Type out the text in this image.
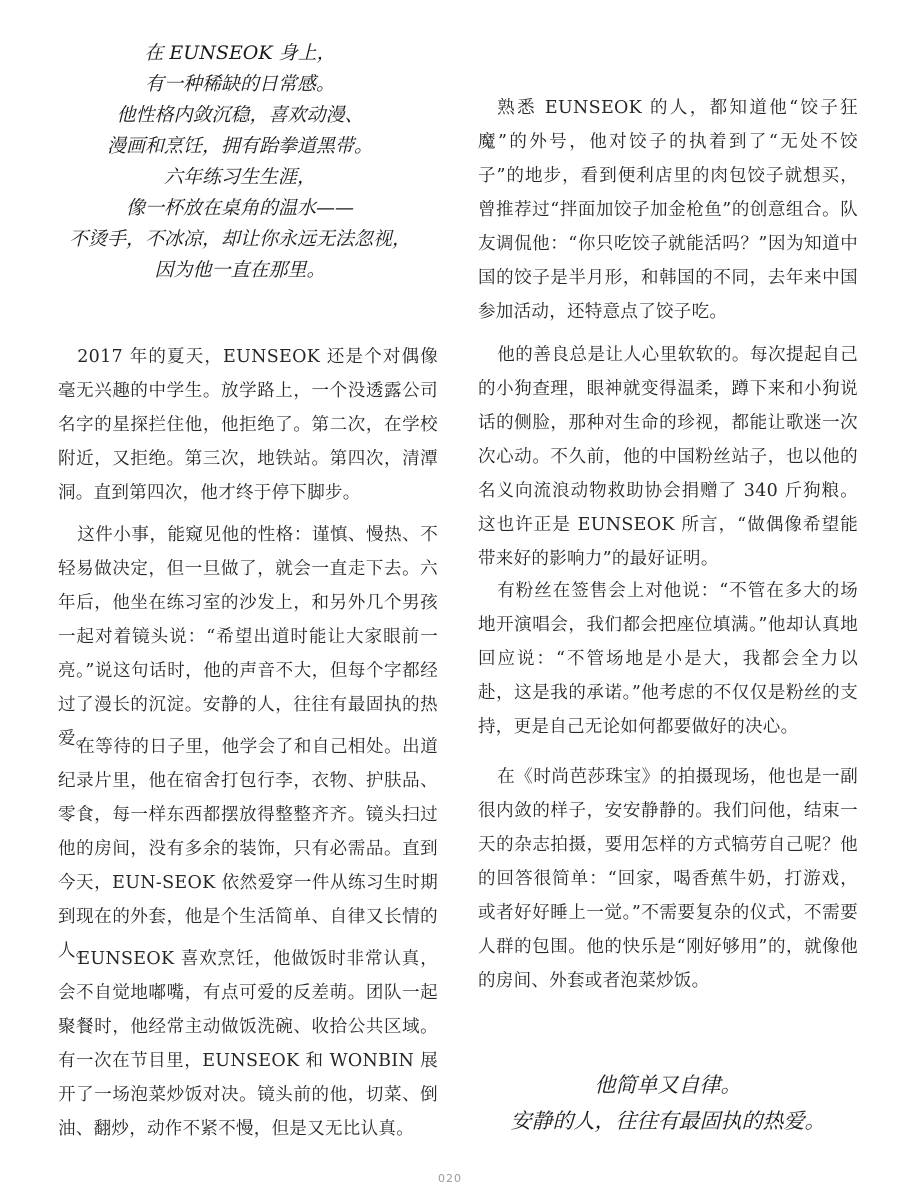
在 EUNSEOK 身上，
有一种稀缺的日常感。
他性格内敛沉稳，喜欢动漫、
漫画和烹饪，拥有跆拳道黑带。
六年练习生生涯，
像一杯放在桌角的温水——
不烫手，不冰凉，却让你永远无法忽视，
因为他一直在那里。

2017 年的夏天，EUNSEOK 还是个对偶像毫无兴趣的中学生。放学路上，一个没透露公司名字的星探拦住他，他拒绝了。第二次，在学校附近，又拒绝。第三次，地铁站。第四次，清潭洞。直到第四次，他才终于停下脚步。

这件小事，能窥见他的性格：谨慎、慢热、不轻易做决定，但一旦做了，就会一直走下去。六年后，他坐在练习室的沙发上，和另外几个男孩一起对着镜头说：“希望出道时能让大家眼前一亮。”说这句话时，他的声音不大，但每个字都经过了漫长的沉淀。安静的人，往往有最固执的热爱。

在等待的日子里，他学会了和自己相处。出道纪录片里，他在宿舍打包行李，衣物、护肤品、零食，每一样东西都摆放得整整齐齐。镜头扫过他的房间，没有多余的装饰，只有必需品。直到今天，EUN-SEOK 依然爱穿一件从练习生时期到现在的外套，他是个生活简单、自律又长情的人。

EUNSEOK 喜欢烹饪，他做饭时非常认真，会不自觉地嘟嘴，有点可爱的反差萌。团队一起聚餐时，他经常主动做饭洗碗、收拾公共区域。有一次在节目里，EUNSEOK 和 WONBIN 展开了一场泡菜炒饭对决。镜头前的他，切菜、倒油、翻炒，动作不紧不慢，但是又无比认真。

熟悉 EUNSEOK 的人，都知道他“饺子狂魔”的外号，他对饺子的执着到了“无处不饺子”的地步，看到便利店里的肉包饺子就想买，曾推荐过“拌面加饺子加金枪鱼”的创意组合。队友调侃他：“你只吃饺子就能活吗？”因为知道中国的饺子是半月形，和韩国的不同，去年来中国参加活动，还特意点了饺子吃。

他的善良总是让人心里软软的。每次提起自己的小狗查理，眼神就变得温柔，蹲下来和小狗说话的侧脸，那种对生命的珍视，都能让歌迷一次次心动。不久前，他的中国粉丝站子，也以他的名义向流浪动物救助协会捐赠了 340 斤狗粮。这也许正是 EUNSEOK 所言，“做偶像希望能带来好的影响力”的最好证明。

有粉丝在签售会上对他说：“不管在多大的场地开演唱会，我们都会把座位填满。”他却认真地回应说：“不管场地是小是大，我都会全力以赴，这是我的承诺。”他考虑的不仅仅是粉丝的支持，更是自己无论如何都要做好的决心。

在《时尚芭莎珠宝》的拍摄现场，他也是一副很内敛的样子，安安静静的。我们问他，结束一天的杂志拍摄，要用怎样的方式犒劳自己呢？他的回答很简单：“回家，喝香蕉牛奶，打游戏，或者好好睡上一觉。”不需要复杂的仪式，不需要人群的包围。他的快乐是“刚好够用”的，就像他的房间、外套或者泡菜炒饭。

他简单又自律。
安静的人，往往有最固执的热爱。
020
